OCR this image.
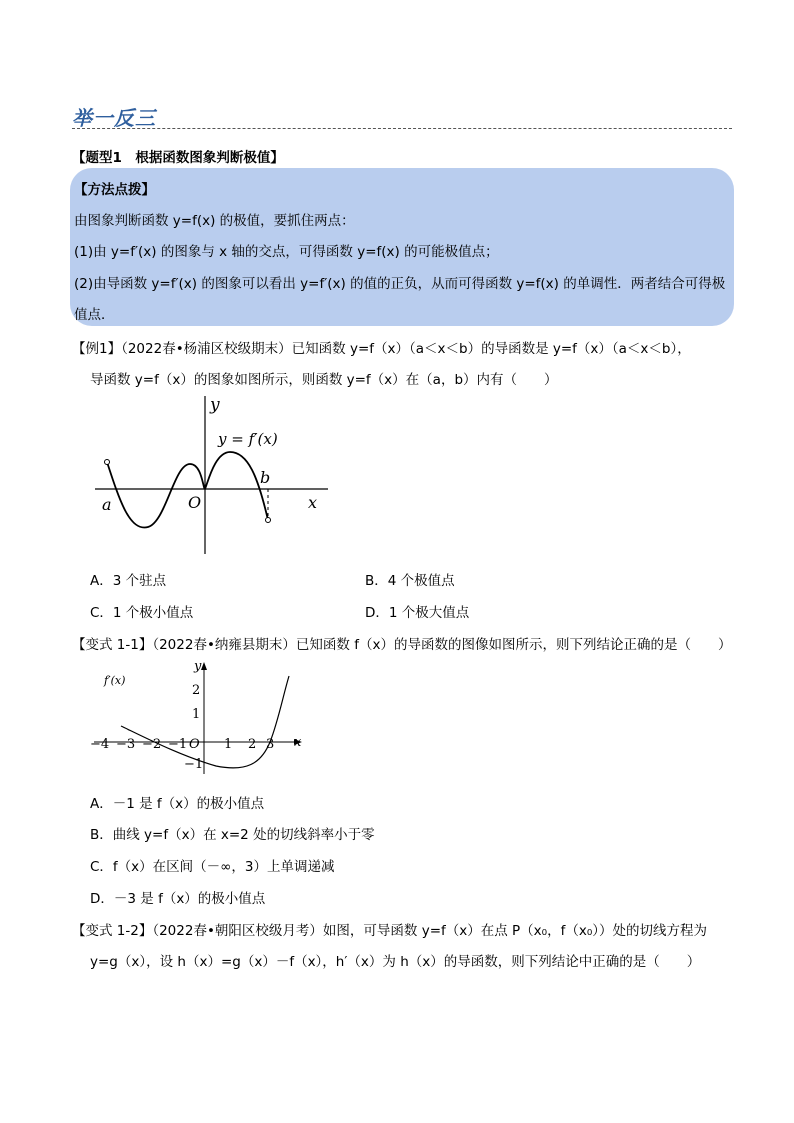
举一反三
【题型1　根据函数图象判断极值】
【方法点拨】
由图象判断函数 y=f(x) 的极值，要抓住两点：
(1)由 y=f′(x) 的图象与 x 轴的交点，可得函数 y=f(x) 的可能极值点；
(2)由导函数 y=f′(x) 的图象可以看出 y=f′(x) 的值的正负，从而可得函数 y=f(x) 的单调性．两者结合可得极
值点．
【例1】（2022春•杨浦区校级期末）已知函数 y=f（x）（a＜x＜b）的导函数是 y=f（x）（a＜x＜b），
导函数 y=f（x）的图象如图所示，则函数 y=f（x）在（a，b）内有（　　）
y
y = f′(x)
b
a	O	x
A．3 个驻点	B．4 个极值点
C．1 个极小值点	D．1 个极大值点
【变式 1-1】（2022春•纳雍县期末）已知函数 f（x）的导函数的图像如图所示，则下列结论正确的是（　　）
y
x
f′(x)
2
1
−1
−4 −3 −2 −1 O 1 2 3
A．－1 是 f（x）的极小值点
B．曲线 y=f（x）在 x=2 处的切线斜率小于零
C．f（x）在区间（－∞，3）上单调递减
D．－3 是 f（x）的极小值点
【变式 1-2】（2022春•朝阳区校级月考）如图，可导函数 y=f（x）在点 P（x₀，f（x₀））处的切线方程为
y=g（x），设 h（x）=g（x）－f（x），h′（x）为 h（x）的导函数，则下列结论中正确的是（　　）
